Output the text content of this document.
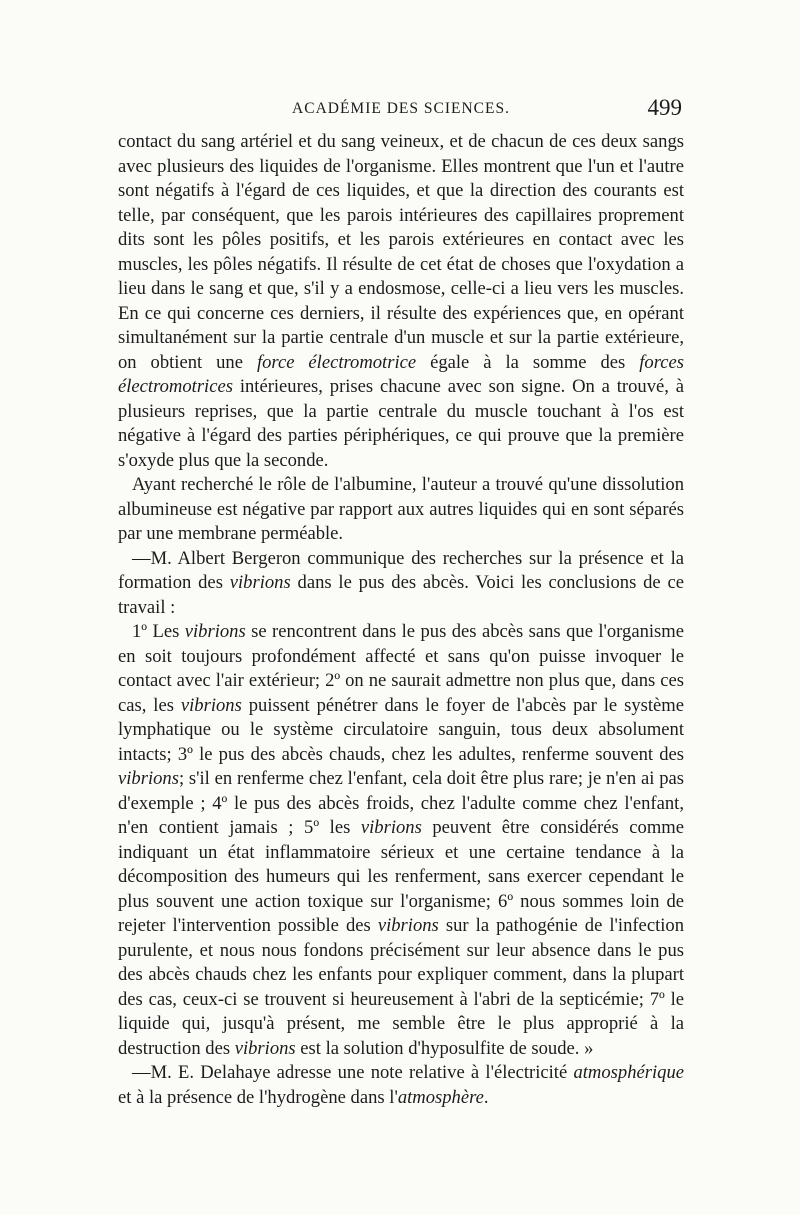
ACADÉMIE DES SCIENCES.	499

contact du sang artériel et du sang veineux, et de chacun de ces deux sangs avec plusieurs des liquides de l'organisme. Elles montrent que l'un et l'autre sont négatifs à l'égard de ces liquides, et que la direction des courants est telle, par conséquent, que les parois intérieures des capillaires proprement dits sont les pôles positifs, et les parois extérieures en contact avec les muscles, les pôles négatifs. Il résulte de cet état de choses que l'oxydation a lieu dans le sang et que, s'il y a endosmose, celle-ci a lieu vers les muscles. En ce qui concerne ces derniers, il résulte des expériences que, en opérant simultanément sur la partie centrale d'un muscle et sur la partie extérieure, on obtient une force électromotrice égale à la somme des forces électromotrices intérieures, prises chacune avec son signe. On a trouvé, à plusieurs reprises, que la partie centrale du muscle touchant à l'os est négative à l'égard des parties périphériques, ce qui prouve que la première s'oxyde plus que la seconde.

Ayant recherché le rôle de l'albumine, l'auteur a trouvé qu'une dissolution albumineuse est négative par rapport aux autres liquides qui en sont séparés par une membrane perméable.

—M. Albert Bergeron communique des recherches sur la présence et la formation des vibrions dans le pus des abcès. Voici les conclusions de ce travail :

1º Les vibrions se rencontrent dans le pus des abcès sans que l'organisme en soit toujours profondément affecté et sans qu'on puisse invoquer le contact avec l'air extérieur; 2º on ne saurait admettre non plus que, dans ces cas, les vibrions puissent pénétrer dans le foyer de l'abcès par le système lymphatique ou le système circulatoire sanguin, tous deux absolument intacts; 3º le pus des abcès chauds, chez les adultes, renferme souvent des vibrions; s'il en renferme chez l'enfant, cela doit être plus rare; je n'en ai pas d'exemple ; 4º le pus des abcès froids, chez l'adulte comme chez l'enfant, n'en contient jamais ; 5º les vibrions peuvent être considérés comme indiquant un état inflammatoire sérieux et une certaine tendance à la décomposition des humeurs qui les renferment, sans exercer cependant le plus souvent une action toxique sur l'organisme; 6º nous sommes loin de rejeter l'intervention possible des vibrions sur la pathogénie de l'infection purulente, et nous nous fondons précisément sur leur absence dans le pus des abcès chauds chez les enfants pour expliquer comment, dans la plupart des cas, ceux-ci se trouvent si heureusement à l'abri de la septicémie; 7º le liquide qui, jusqu'à présent, me semble être le plus approprié à la destruction des vibrions est la solution d'hyposulfite de soude. »

—M. E. Delahaye adresse une note relative à l'électricité atmosphérique et à la présence de l'hydrogène dans l'atmosphère.
